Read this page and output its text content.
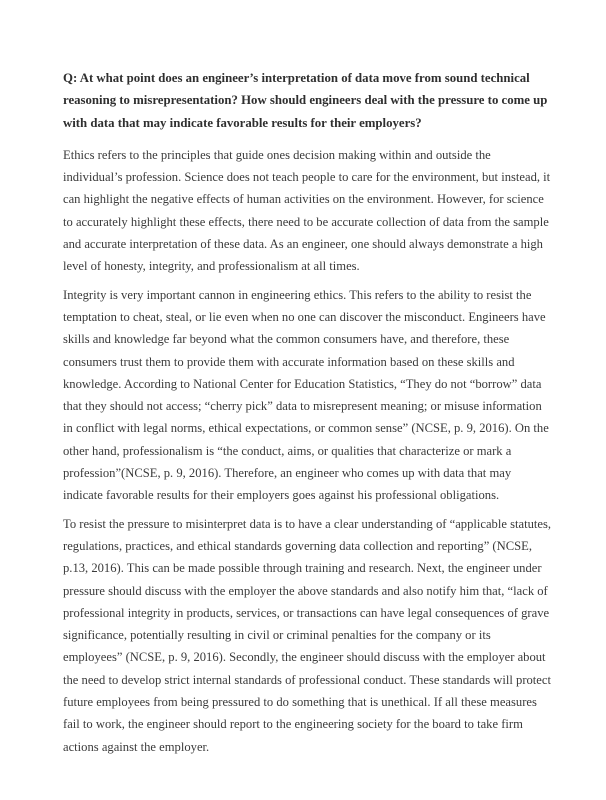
Q: At what point does an engineer’s interpretation of data move from sound technical reasoning to misrepresentation? How should engineers deal with the pressure to come up with data that may indicate favorable results for their employers?

Ethics refers to the principles that guide ones decision making within and outside the individual’s profession. Science does not teach people to care for the environment, but instead, it can highlight the negative effects of human activities on the environment. However, for science to accurately highlight these effects, there need to be accurate collection of data from the sample and accurate interpretation of these data. As an engineer, one should always demonstrate a high level of honesty, integrity, and professionalism at all times.

Integrity is very important cannon in engineering ethics. This refers to the ability to resist the temptation to cheat, steal, or lie even when no one can discover the misconduct. Engineers have skills and knowledge far beyond what the common consumers have, and therefore, these consumers trust them to provide them with accurate information based on these skills and knowledge. According to National Center for Education Statistics, “They do not “borrow” data that they should not access; “cherry pick” data to misrepresent meaning; or misuse information in conflict with legal norms, ethical expectations, or common sense” (NCSE, p. 9, 2016). On the other hand, professionalism is “the conduct, aims, or qualities that characterize or mark a profession”(NCSE, p. 9, 2016). Therefore, an engineer who comes up with data that may indicate favorable results for their employers goes against his professional obligations.

To resist the pressure to misinterpret data is to have a clear understanding of “applicable statutes, regulations, practices, and ethical standards governing data collection and reporting” (NCSE, p.13, 2016). This can be made possible through training and research. Next, the engineer under pressure should discuss with the employer the above standards and also notify him that, “lack of professional integrity in products, services, or transactions can have legal consequences of grave significance, potentially resulting in civil or criminal penalties for the company or its employees” (NCSE, p. 9, 2016). Secondly, the engineer should discuss with the employer about the need to develop strict internal standards of professional conduct. These standards will protect future employees from being pressured to do something that is unethical. If all these measures fail to work, the engineer should report to the engineering society for the board to take firm actions against the employer.
